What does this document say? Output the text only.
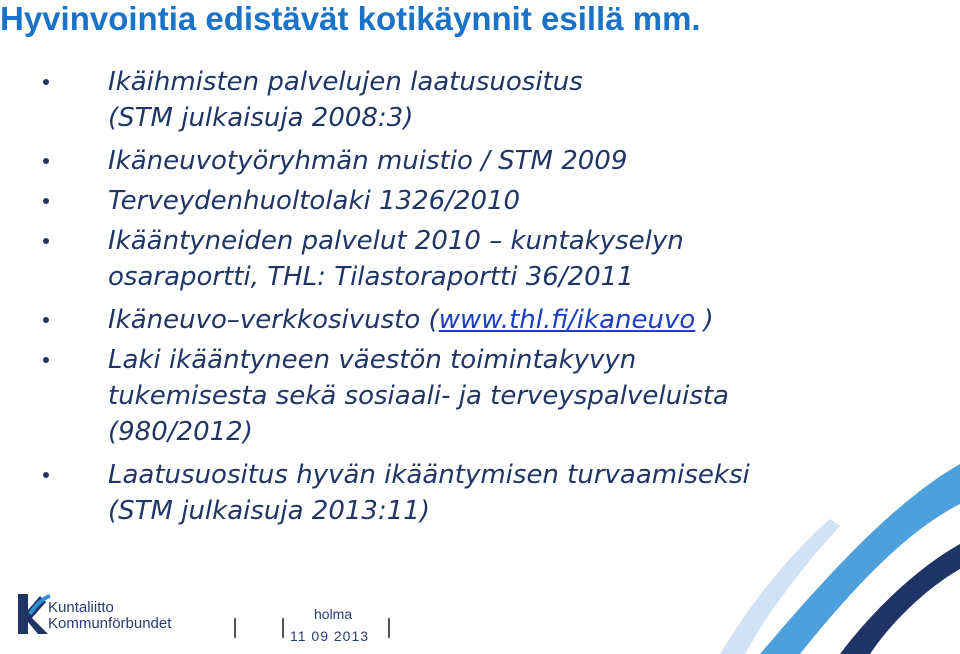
Hyvinvointia edistävät kotikäynnit esillä mm.
Ikäihmisten palvelujen laatusuositus
(STM julkaisuja 2008:3)
Ikäneuvotyöryhmän muistio / STM 2009
Terveydenhuoltolaki 1326/2010
Ikääntyneiden palvelut 2010 – kuntakyselyn
osaraportti, THL: Tilastoraportti 36/2011
Ikäneuvo–verkkosivusto (www.thl.fi/ikaneuvo )
Laki ikääntyneen väestön toimintakyvyn
tukemisesta sekä sosiaali- ja terveyspalveluista
(980/2012)
Laatusuositus hyvän ikääntymisen turvaamiseksi
(STM julkaisuja 2013:11)
Kuntaliitto
Kommunförbundet
holma
11 09 2013
